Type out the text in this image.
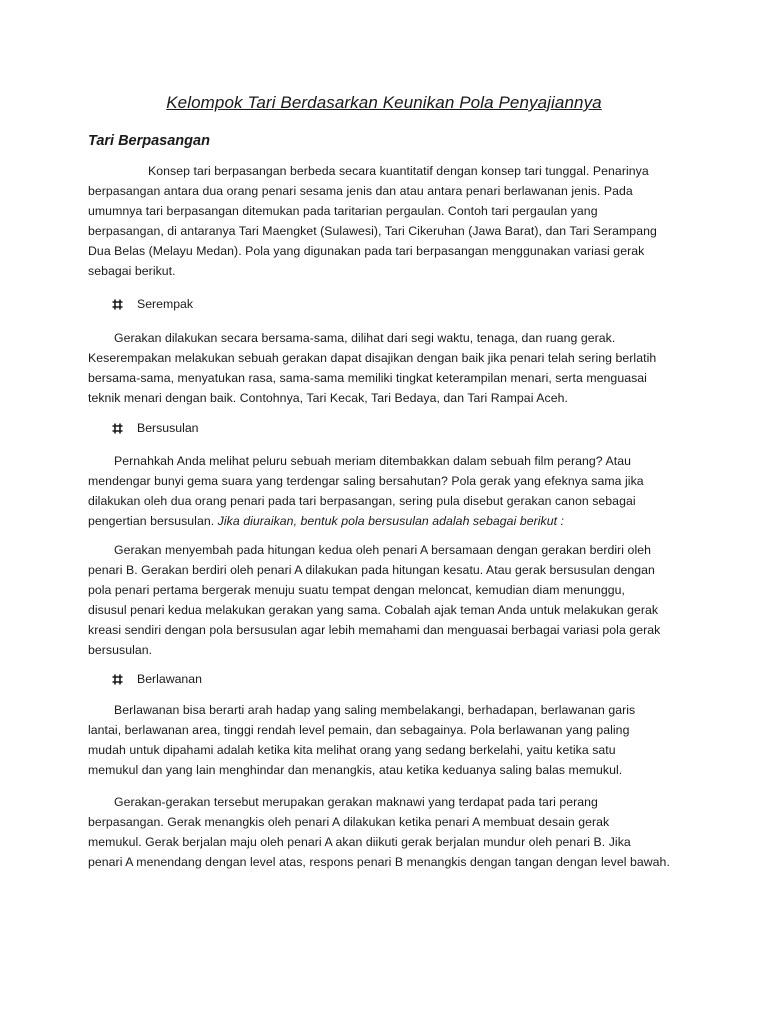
Kelompok Tari Berdasarkan Keunikan Pola Penyajiannya
Tari Berpasangan

Konsep tari berpasangan berbeda secara kuantitatif dengan konsep tari tunggal. Penarinya
berpasangan antara dua orang penari sesama jenis dan atau antara penari berlawanan jenis. Pada
umumnya tari berpasangan ditemukan pada taritarian pergaulan. Contoh tari pergaulan yang
berpasangan, di antaranya Tari Maengket (Sulawesi), Tari Cikeruhan (Jawa Barat), dan Tari Serampang
Dua Belas (Melayu Medan). Pola yang digunakan pada tari berpasangan menggunakan variasi gerak
sebagai berikut.

Serempak

Gerakan dilakukan secara bersama-sama, dilihat dari segi waktu, tenaga, dan ruang gerak.
Keserempakan melakukan sebuah gerakan dapat disajikan dengan baik jika penari telah sering berlatih
bersama-sama, menyatukan rasa, sama-sama memiliki tingkat keterampilan menari, serta menguasai
teknik menari dengan baik. Contohnya, Tari Kecak, Tari Bedaya, dan Tari Rampai Aceh.

Bersusulan

Pernahkah Anda melihat peluru sebuah meriam ditembakkan dalam sebuah film perang? Atau
mendengar bunyi gema suara yang terdengar saling bersahutan? Pola gerak yang efeknya sama jika
dilakukan oleh dua orang penari pada tari berpasangan, sering pula disebut gerakan canon sebagai
pengertian bersusulan. Jika diuraikan, bentuk pola bersusulan adalah sebagai berikut :

Gerakan menyembah pada hitungan kedua oleh penari A bersamaan dengan gerakan berdiri oleh
penari B. Gerakan berdiri oleh penari A dilakukan pada hitungan kesatu. Atau gerak bersusulan dengan
pola penari pertama bergerak menuju suatu tempat dengan meloncat, kemudian diam menunggu,
disusul penari kedua melakukan gerakan yang sama. Cobalah ajak teman Anda untuk melakukan gerak
kreasi sendiri dengan pola bersusulan agar lebih memahami dan menguasai berbagai variasi pola gerak
bersusulan.

Berlawanan

Berlawanan bisa berarti arah hadap yang saling membelakangi, berhadapan, berlawanan garis
lantai, berlawanan area, tinggi rendah level pemain, dan sebagainya. Pola berlawanan yang paling
mudah untuk dipahami adalah ketika kita melihat orang yang sedang berkelahi, yaitu ketika satu
memukul dan yang lain menghindar dan menangkis, atau ketika keduanya saling balas memukul.

Gerakan-gerakan tersebut merupakan gerakan maknawi yang terdapat pada tari perang
berpasangan. Gerak menangkis oleh penari A dilakukan ketika penari A membuat desain gerak
memukul. Gerak berjalan maju oleh penari A akan diikuti gerak berjalan mundur oleh penari B. Jika
penari A menendang dengan level atas, respons penari B menangkis dengan tangan dengan level bawah.
